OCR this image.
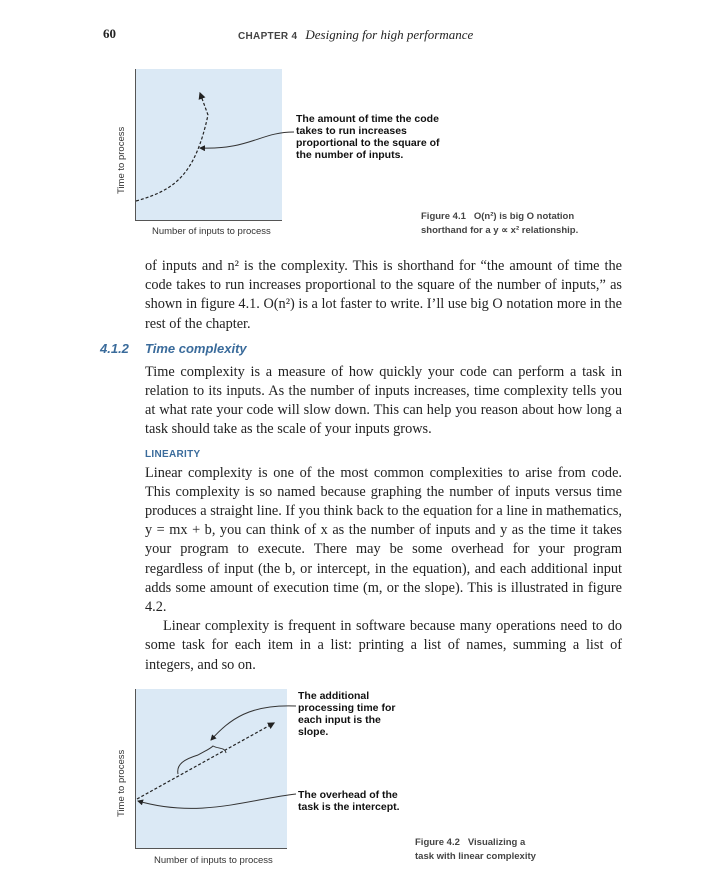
60	CHAPTER 4 Designing for high performance
Time to process
Number of inputs to process
The amount of time the code takes to run increases proportional to the square of the number of inputs.
Figure 4.1 O(n²) is big O notation shorthand for a y ∝ x² relationship.

of inputs and n² is the complexity. This is shorthand for “the amount of time the code takes to run increases proportional to the square of the number of inputs,” as shown in figure 4.1. O(n²) is a lot faster to write. I’ll use big O notation more in the rest of the chapter.

4.1.2	Time complexity

Time complexity is a measure of how quickly your code can perform a task in relation to its inputs. As the number of inputs increases, time complexity tells you at what rate your code will slow down. This can help you reason about how long a task should take as the scale of your inputs grows.

LINEARITY

Linear complexity is one of the most common complexities to arise from code. This complexity is so named because graphing the number of inputs versus time produces a straight line. If you think back to the equation for a line in mathematics, y = mx + b, you can think of x as the number of inputs and y as the time it takes your program to execute. There may be some overhead for your program regardless of input (the b, or intercept, in the equation), and each additional input adds some amount of execution time (m, or the slope). This is illustrated in figure 4.2.

Linear complexity is frequent in software because many operations need to do some task for each item in a list: printing a list of names, summing a list of integers, and so on.

Time to process
Number of inputs to process
The additional processing time for each input is the slope.
The overhead of the task is the intercept.
Figure 4.2 Visualizing a task with linear complexity
